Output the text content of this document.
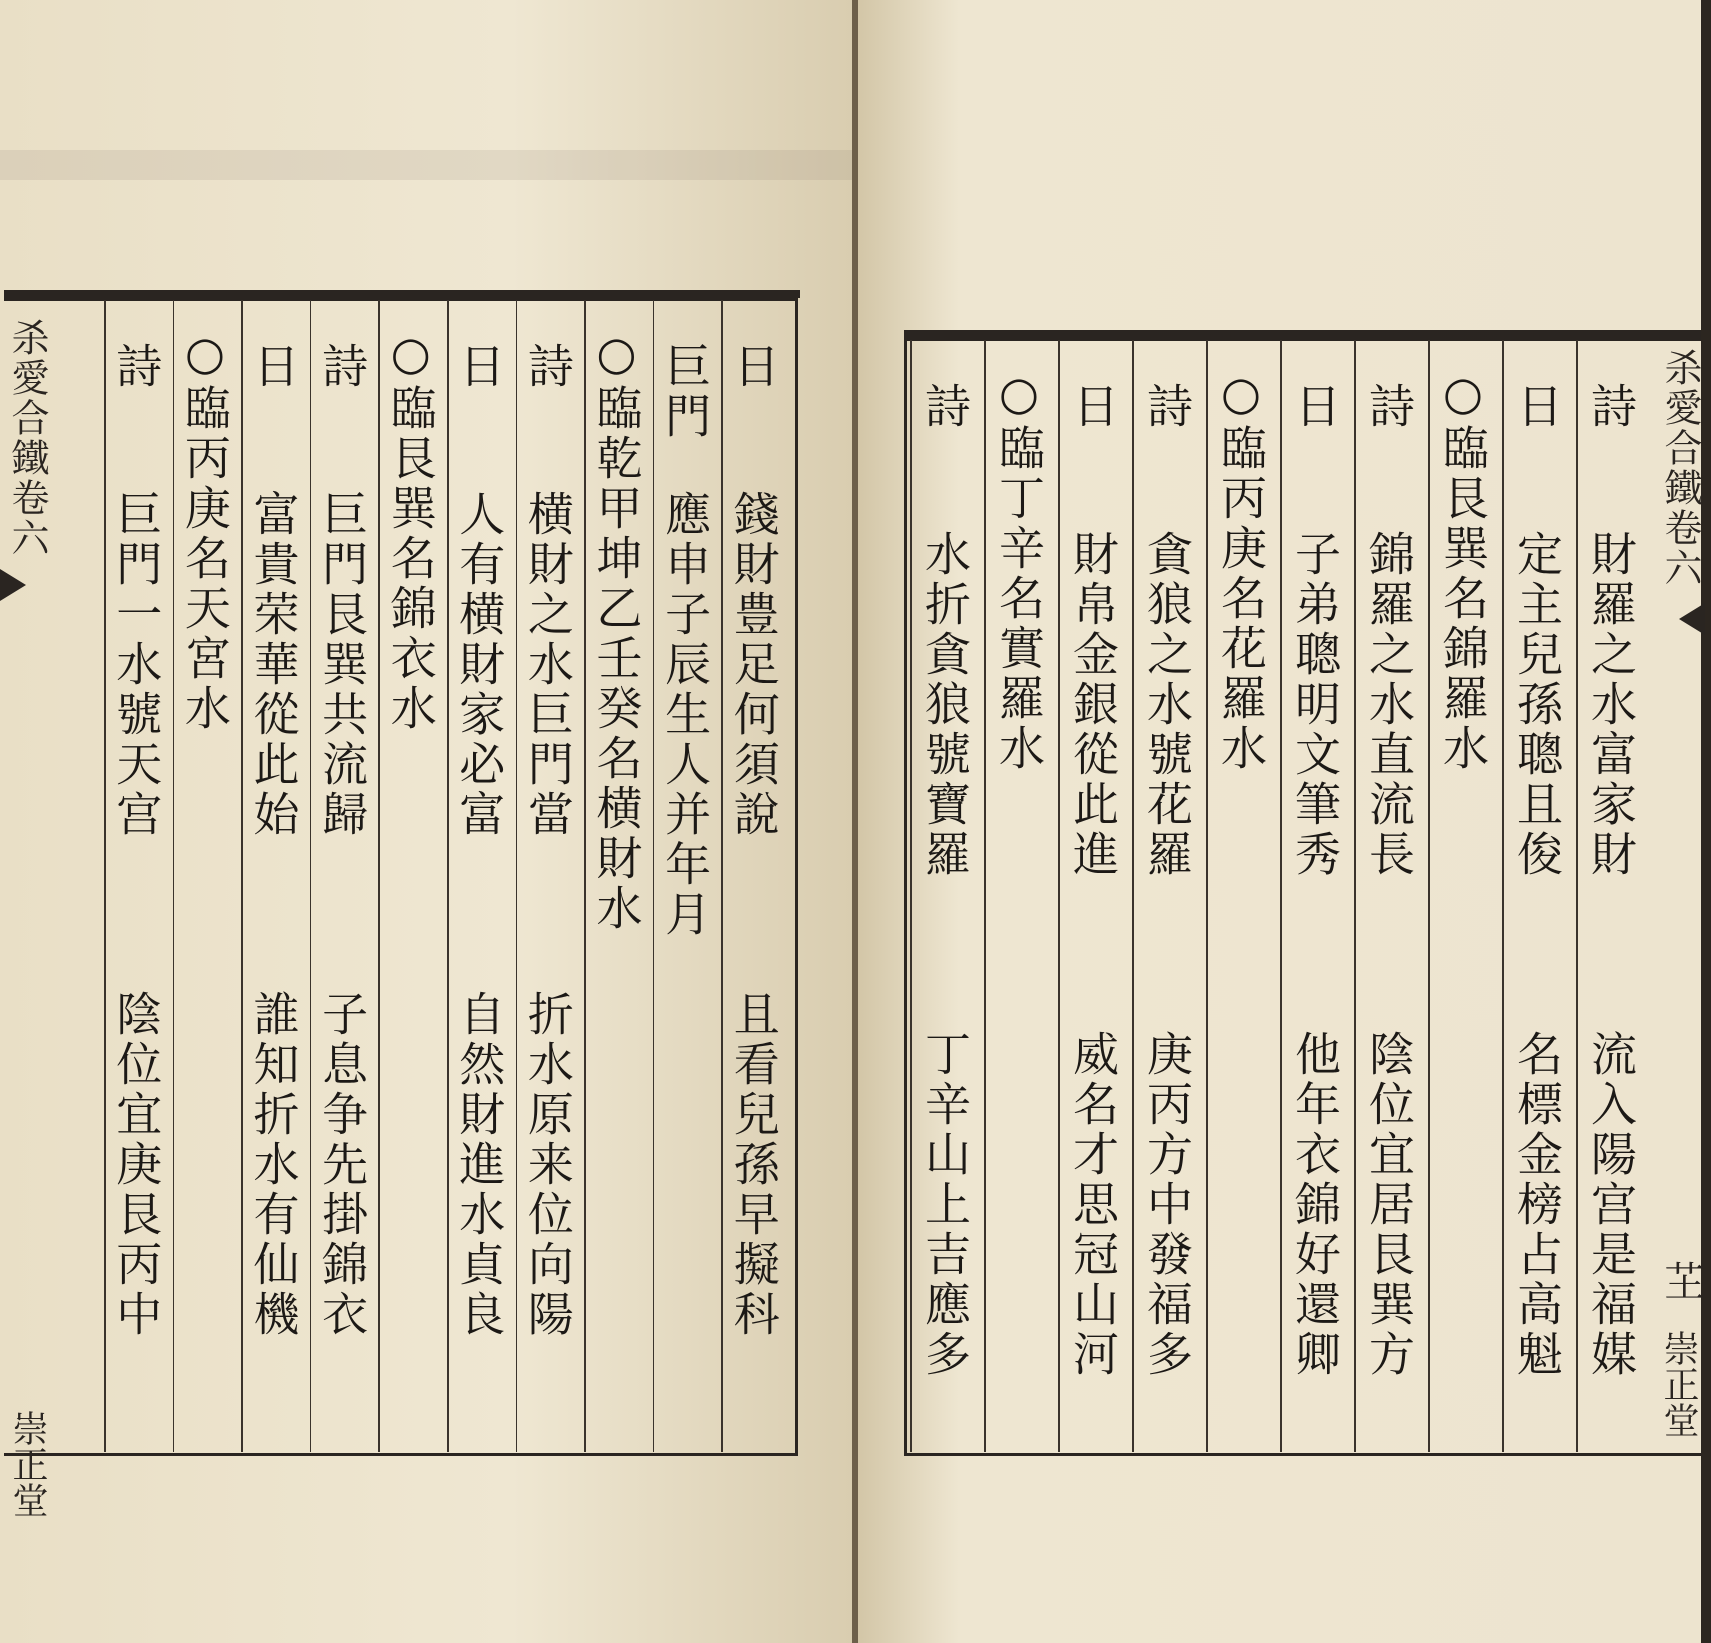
杀愛合鐵卷六
崇正堂
杀愛合鐵卷六
芏
崇正堂
日
錢財豊足何須說
且看兒孫早擬科
巨門
應申子辰生人并年月
○臨乾甲坤乙壬癸名横財水
詩
横財之水巨門當
折水原来位向陽
日
人有横財家必富
自然財進水貞良
○臨艮巽名錦衣水
詩
巨門艮巽共流歸
子息争先掛錦衣
日
富貴荣華從此始
誰知折水有仙機
○臨丙庚名天宮水
詩
巨門一水號天宫
陰位宜庚艮丙中
詩
財羅之水富家財
流入陽宫是福媒
日
定主兒孫聰且俊
名標金榜占高魁
○臨艮巽名錦羅水
詩
錦羅之水直流長
陰位宜居艮巽方
日
子弟聰明文筆秀
他年衣錦好還卿
○臨丙庚名花羅水
詩
貪狼之水號花羅
庚丙方中發福多
日
財帛金銀從此進
威名才思冠山河
○臨丁辛名實羅水
詩
水折貪狼號寶羅
丁辛山上吉應多
